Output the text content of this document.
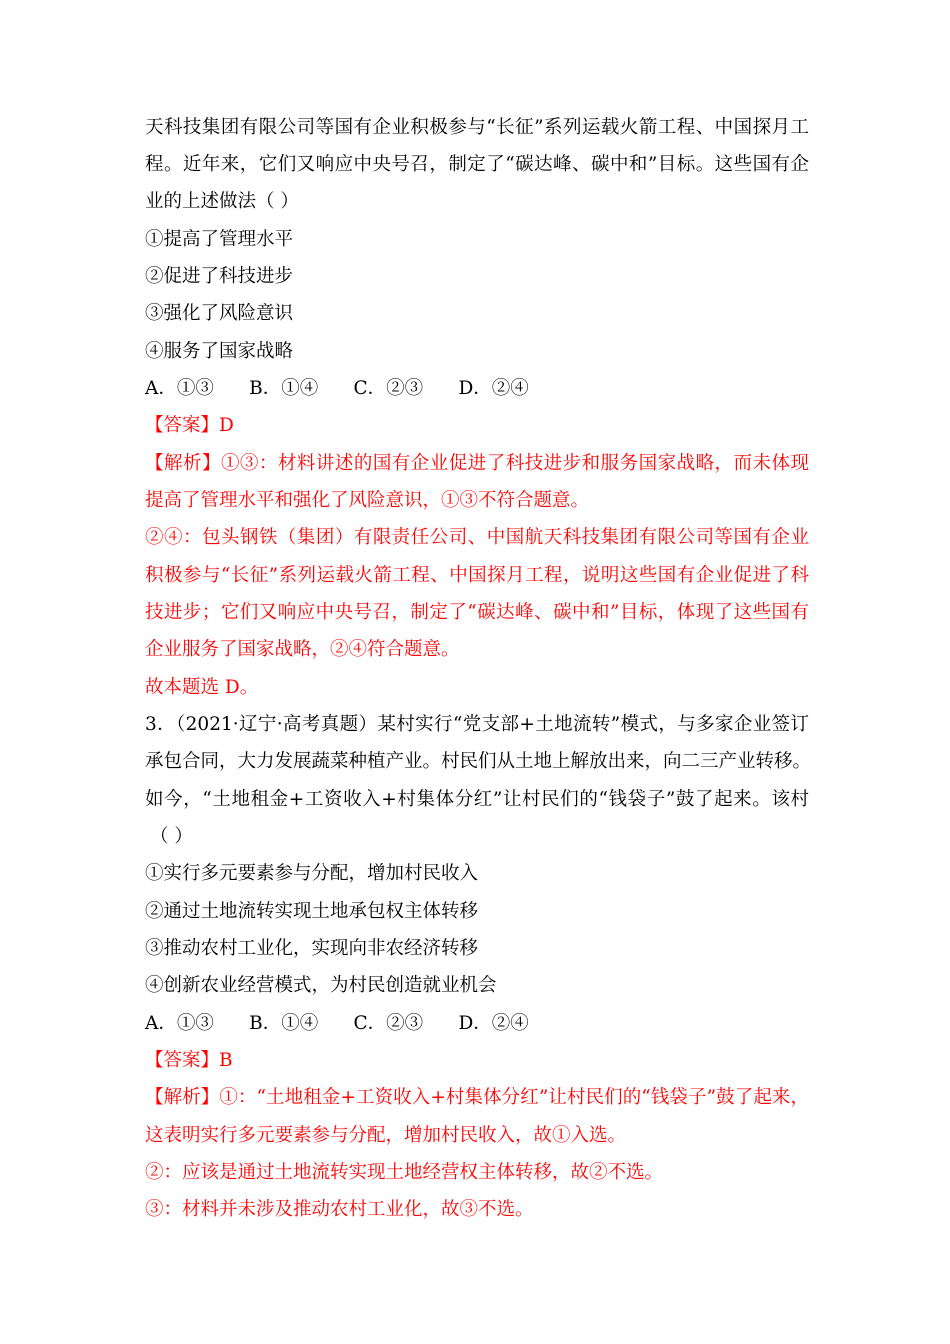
天科技集团有限公司等国有企业积极参与“长征”系列运载火箭工程、中国探月工
程。近年来，它们又响应中央号召，制定了“碳达峰、碳中和”目标。这些国有企
业的上述做法（ ）
①提高了管理水平
②促进了科技进步
③强化了风险意识
④服务了国家战略
A．①③      B．①④      C．②③      D．②④
【答案】D
【解析】①③：材料讲述的国有企业促进了科技进步和服务国家战略，而未体现
提高了管理水平和强化了风险意识，①③不符合题意。
②④：包头钢铁（集团）有限责任公司、中国航天科技集团有限公司等国有企业
积极参与“长征”系列运载火箭工程、中国探月工程，说明这些国有企业促进了科
技进步；它们又响应中央号召，制定了“碳达峰、碳中和”目标，体现了这些国有
企业服务了国家战略，②④符合题意。
故本题选 D。
3．（2021·辽宁·高考真题）某村实行“党支部+土地流转”模式，与多家企业签订
承包合同，大力发展蔬菜种植产业。村民们从土地上解放出来，向二三产业转移。
如今，“土地租金+工资收入+村集体分红”让村民们的“钱袋子”鼓了起来。该村
（ ）
①实行多元要素参与分配，增加村民收入
②通过土地流转实现土地承包权主体转移
③推动农村工业化，实现向非农经济转移
④创新农业经营模式，为村民创造就业机会
A．①③      B．①④      C．②③      D．②④
【答案】B
【解析】①：“土地租金+工资收入+村集体分红”让村民们的“钱袋子”鼓了起来，
这表明实行多元要素参与分配，增加村民收入，故①入选。
②：应该是通过土地流转实现土地经营权主体转移，故②不选。
③：材料并未涉及推动农村工业化，故③不选。
